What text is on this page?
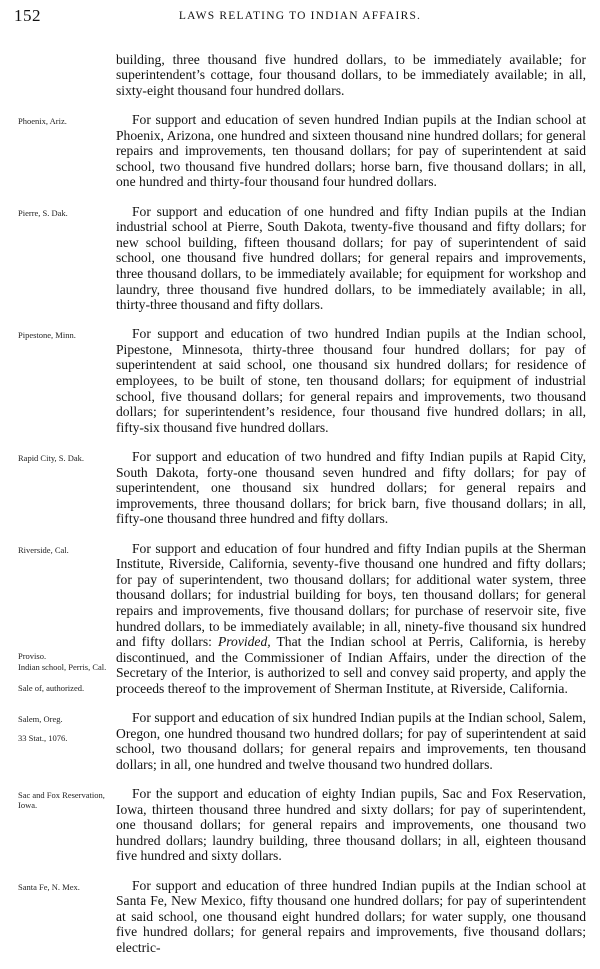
152	LAWS RELATING TO INDIAN AFFAIRS.

building, three thousand five hundred dollars, to be immediately available; for superintendent’s cottage, four thousand dollars, to be immediately available; in all, sixty-eight thousand four hundred dollars.

Phoenix, Ariz.	For support and education of seven hundred Indian pupils at the Indian school at Phoenix, Arizona, one hundred and sixteen thousand nine hundred dollars; for general repairs and improvements, ten thousand dollars; for pay of superintendent at said school, two thousand five hundred dollars; horse barn, five thousand dollars; in all, one hundred and thirty-four thousand four hundred dollars.

Pierre, S. Dak.	For support and education of one hundred and fifty Indian pupils at the Indian industrial school at Pierre, South Dakota, twenty-five thousand and fifty dollars; for new school building, fifteen thousand dollars; for pay of superintendent of said school, one thousand five hundred dollars; for general repairs and improvements, three thousand dollars, to be immediately available; for equipment for workshop and laundry, three thousand five hundred dollars, to be immediately available; in all, thirty-three thousand and fifty dollars.

Pipestone, Minn.	For support and education of two hundred Indian pupils at the Indian school, Pipestone, Minnesota, thirty-three thousand four hundred dollars; for pay of superintendent at said school, one thousand six hundred dollars; for residence of employees, to be built of stone, ten thousand dollars; for equipment of industrial school, five thousand dollars; for general repairs and improvements, two thousand dollars; for superintendent’s residence, four thousand five hundred dollars; in all, fifty-six thousand five hundred dollars.

Rapid City, S. Dak.	For support and education of two hundred and fifty Indian pupils at Rapid City, South Dakota, forty-one thousand seven hundred and fifty dollars; for pay of superintendent, one thousand six hundred dollars; for general repairs and improvements, three thousand dollars; for brick barn, five thousand dollars; in all, fifty-one thousand three hundred and fifty dollars.

Riverside, Cal.
Proviso.
Indian school, Perris, Cal.
Sale of, authorized.

For support and education of four hundred and fifty Indian pupils at the Sherman Institute, Riverside, California, seventy-five thousand one hundred and fifty dollars; for pay of superintendent, two thousand dollars; for additional water system, three thousand dollars; for industrial building for boys, ten thousand dollars; for general repairs and improvements, five thousand dollars; for purchase of reservoir site, five hundred dollars, to be immediately available; in all, ninety-five thousand six hundred and fifty dollars: Provided, That the Indian school at Perris, California, is hereby discontinued, and the Commissioner of Indian Affairs, under the direction of the Secretary of the Interior, is authorized to sell and convey said property, and apply the proceeds thereof to the improvement of Sherman Institute, at Riverside, California.

Salem, Oreg.
33 Stat., 1076.

For support and education of six hundred Indian pupils at the Indian school, Salem, Oregon, one hundred thousand two hundred dollars; for pay of superintendent at said school, two thousand dollars; for general repairs and improvements, ten thousand dollars; in all, one hundred and twelve thousand two hundred dollars.

Sac and Fox Reservation, Iowa.

For the support and education of eighty Indian pupils, Sac and Fox Reservation, Iowa, thirteen thousand three hundred and sixty dollars; for pay of superintendent, one thousand dollars; for general repairs and improvements, one thousand two hundred dollars; laundry building, three thousand dollars; in all, eighteen thousand five hundred and sixty dollars.

Santa Fe, N. Mex.	For support and education of three hundred Indian pupils at the Indian school at Santa Fe, New Mexico, fifty thousand one hundred dollars; for pay of superintendent at said school, one thousand eight hundred dollars; for water supply, one thousand five hundred dollars; for general repairs and improvements, five thousand dollars; electric-
